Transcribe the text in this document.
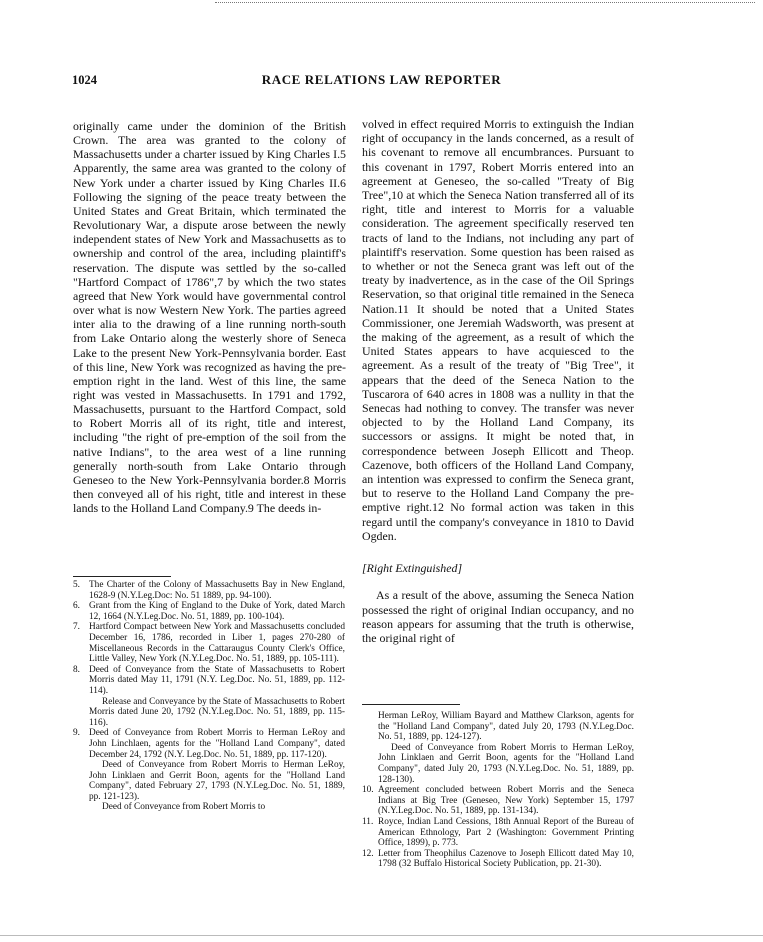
1024	RACE RELATIONS LAW REPORTER

originally came under the dominion of the British Crown. The area was granted to the colony of Massachusetts under a charter issued by King Charles I.5 Apparently, the same area was granted to the colony of New York under a charter issued by King Charles II.6 Following the signing of the peace treaty between the United States and Great Britain, which terminated the Revolutionary War, a dispute arose between the newly independent states of New York and Massachusetts as to ownership and control of the area, including plaintiff's reservation. The dispute was settled by the so-called "Hartford Compact of 1786",7 by which the two states agreed that New York would have governmental control over what is now Western New York. The parties agreed inter alia to the drawing of a line running north-south from Lake Ontario along the westerly shore of Seneca Lake to the present New York-Pennsylvania border. East of this line, New York was recognized as having the pre-emption right in the land. West of this line, the same right was vested in Massachusetts. In 1791 and 1792, Massachusetts, pursuant to the Hartford Compact, sold to Robert Morris all of its right, title and interest, including "the right of pre-emption of the soil from the native Indians", to the area west of a line running generally north-south from Lake Ontario through Geneseo to the New York-Pennsylvania border.8 Morris then conveyed all of his right, title and interest in these lands to the Holland Land Company.9 The deeds in-

volved in effect required Morris to extinguish the Indian right of occupancy in the lands concerned, as a result of his covenant to remove all encumbrances. Pursuant to this covenant in 1797, Robert Morris entered into an agreement at Geneseo, the so-called "Treaty of Big Tree",10 at which the Seneca Nation transferred all of its right, title and interest to Morris for a valuable consideration. The agreement specifically reserved ten tracts of land to the Indians, not including any part of plaintiff's reservation. Some question has been raised as to whether or not the Seneca grant was left out of the treaty by inadvertence, as in the case of the Oil Springs Reservation, so that original title remained in the Seneca Nation.11 It should be noted that a United States Commissioner, one Jeremiah Wadsworth, was present at the making of the agreement, as a result of which the United States appears to have acquiesced to the agreement. As a result of the treaty of "Big Tree", it appears that the deed of the Seneca Nation to the Tuscarora of 640 acres in 1808 was a nullity in that the Senecas had nothing to convey. The transfer was never objected to by the Holland Land Company, its successors or assigns. It might be noted that, in correspondence between Joseph Ellicott and Theop. Cazenove, both officers of the Holland Land Company, an intention was expressed to confirm the Seneca grant, but to reserve to the Holland Land Company the pre-emptive right.12 No formal action was taken in this regard until the company's conveyance in 1810 to David Ogden.

[Right Extinguished]

As a result of the above, assuming the Seneca Nation possessed the right of original Indian occupancy, and no reason appears for assuming that the truth is otherwise, the original right of

5. The Charter of the Colony of Massachusetts Bay in New England, 1628-9 (N.Y.Leg.Doc: No. 51 1889, pp. 94-100).
6. Grant from the King of England to the Duke of York, dated March 12, 1664 (N.Y.Leg.Doc. No. 51, 1889, pp. 100-104).
7. Hartford Compact between New York and Massachusetts concluded December 16, 1786, recorded in Liber 1, pages 270-280 of Miscellaneous Records in the Cattaraugus County Clerk's Office, Little Valley, New York (N.Y.Leg.Doc. No. 51, 1889, pp. 105-111).
8. Deed of Conveyance from the State of Massachusetts to Robert Morris dated May 11, 1791 (N.Y. Leg.Doc. No. 51, 1889, pp. 112-114).
Release and Conveyance by the State of Massachusetts to Robert Morris dated June 20, 1792 (N.Y.Leg.Doc. No. 51, 1889, pp. 115-116).
9. Deed of Conveyance from Robert Morris to Herman LeRoy and John Linchlaen, agents for the "Holland Land Company", dated December 24, 1792 (N.Y. Leg.Doc. No. 51, 1889, pp. 117-120).
Deed of Conveyance from Robert Morris to Herman LeRoy, John Linklaen and Gerrit Boon, agents for the "Holland Land Company", dated February 27, 1793 (N.Y.Leg.Doc. No. 51, 1889, pp. 121-123).
Deed of Conveyance from Robert Morris to
Herman LeRoy, William Bayard and Matthew Clarkson, agents for the "Holland Land Company", dated July 20, 1793 (N.Y.Leg.Doc. No. 51, 1889, pp. 124-127).
Deed of Conveyance from Robert Morris to Herman LeRoy, John Linklaen and Gerrit Boon, agents for the "Holland Land Company", dated July 20, 1793 (N.Y.Leg.Doc. No. 51, 1889, pp. 128-130).
10. Agreement concluded between Robert Morris and the Seneca Indians at Big Tree (Geneseo, New York) September 15, 1797 (N.Y.Leg.Doc. No. 51, 1889, pp. 131-134).
11. Royce, Indian Land Cessions, 18th Annual Report of the Bureau of American Ethnology, Part 2 (Washington: Government Printing Office, 1899), p. 773.
12. Letter from Theophilus Cazenove to Joseph Ellicott dated May 10, 1798 (32 Buffalo Historical Society Publication, pp. 21-30).
